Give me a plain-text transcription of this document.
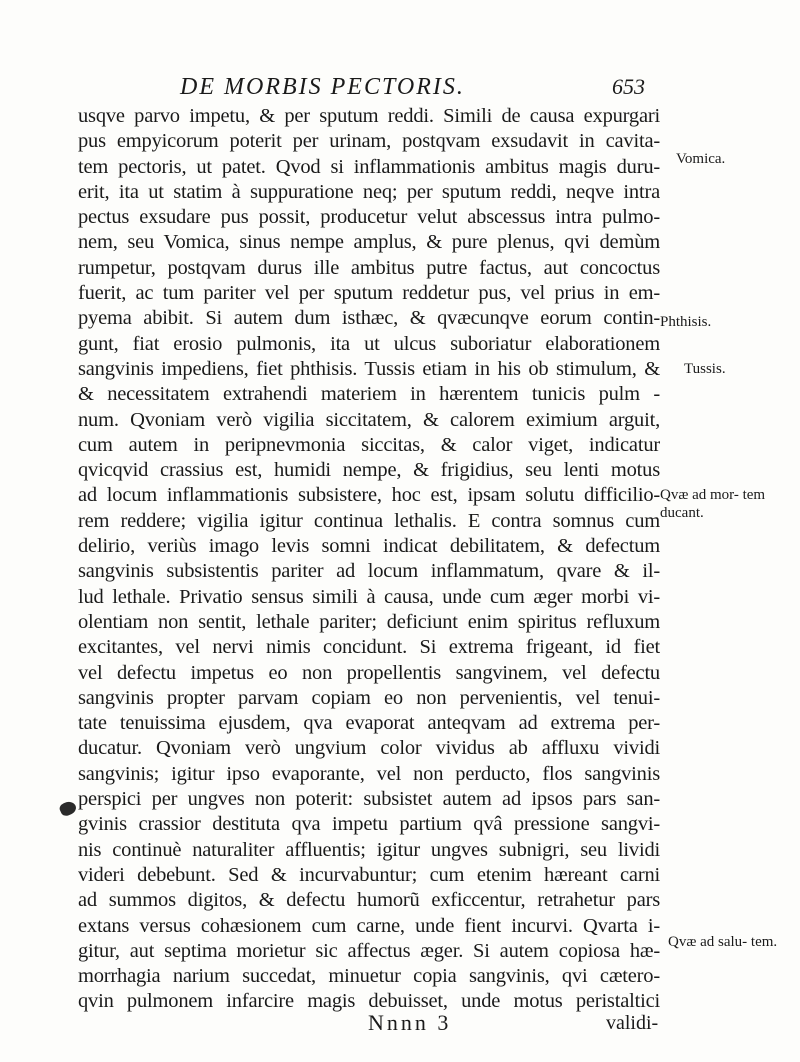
DE MORBIS PECTORIS.	653
usqve parvo impetu, & per sputum reddi. Simili de causa expurgari
pus empyicorum poterit per urinam, postqvam exsudavit in cavita-
tem pectoris, ut patet. Qvod si inflammationis ambitus magis duru-
erit, ita ut statim à suppuratione neq; per sputum reddi, neqve intra
pectus exsudare pus possit, producetur velut abscessus intra pulmo-
nem, seu Vomica, sinus nempe amplus, & pure plenus, qvi demùm
rumpetur, postqvam durus ille ambitus putre factus, aut concoctus
fuerit, ac tum pariter vel per sputum reddetur pus, vel prius in em-
pyema abibit. Si autem dum isthæc, & qvæcunqve eorum contin-
gunt, fiat erosio pulmonis, ita ut ulcus suboriatur elaborationem
sangvinis impediens, fiet phthisis. Tussis etiam in his ob stimulum, &
& necessitatem extrahendi materiem in hærentem tunicis pulm -
num. Qvoniam verò vigilia siccitatem, & calorem eximium arguit,
cum autem in peripnevmonia siccitas, & calor viget, indicatur
qvicqvid crassius est, humidi nempe, & frigidius, seu lenti motus
ad locum inflammationis subsistere, hoc est, ipsam solutu difficilio-
rem reddere; vigilia igitur continua lethalis. E contra somnus cum
delirio, veriùs imago levis somni indicat debilitatem, & defectum
sangvinis subsistentis pariter ad locum inflammatum, qvare & il-
lud lethale. Privatio sensus simili à causa, unde cum æger morbi vi-
olentiam non sentit, lethale pariter; deficiunt enim spiritus refluxum
excitantes, vel nervi nimis concidunt. Si extrema frigeant, id fiet
vel defectu impetus eo non propellentis sangvinem, vel defectu
sangvinis propter parvam copiam eo non pervenientis, vel tenui-
tate tenuissima ejusdem, qva evaporat anteqvam ad extrema per-
ducatur. Qvoniam verò ungvium color vividus ab affluxu vividi
sangvinis; igitur ipso evaporante, vel non perducto, flos sangvinis
perspici per ungves non poterit: subsistet autem ad ipsos pars san-
gvinis crassior destituta qva impetu partium qvâ pressione sangvi-
nis continuè naturaliter affluentis; igitur ungves subnigri, seu lividi
videri debebunt. Sed & incurvabuntur; cum etenim hæreant carni
ad summos digitos, & defectu humorũ exficcentur, retrahetur pars
extans versus cohæsionem cum carne, unde fient incurvi. Qvarta i-
gitur, aut septima morietur sic affectus æger. Si autem copiosa hæ-
morrhagia narium succedat, minuetur copia sangvinis, qvi cætero-
qvin pulmonem infarcire magis debuisset, unde motus peristaltici
Vomica.
Phthisis.
Tussis.
Qvæ ad mor- tem ducant.
Qvæ ad salu- tem.
Nnnn 3	validi-
